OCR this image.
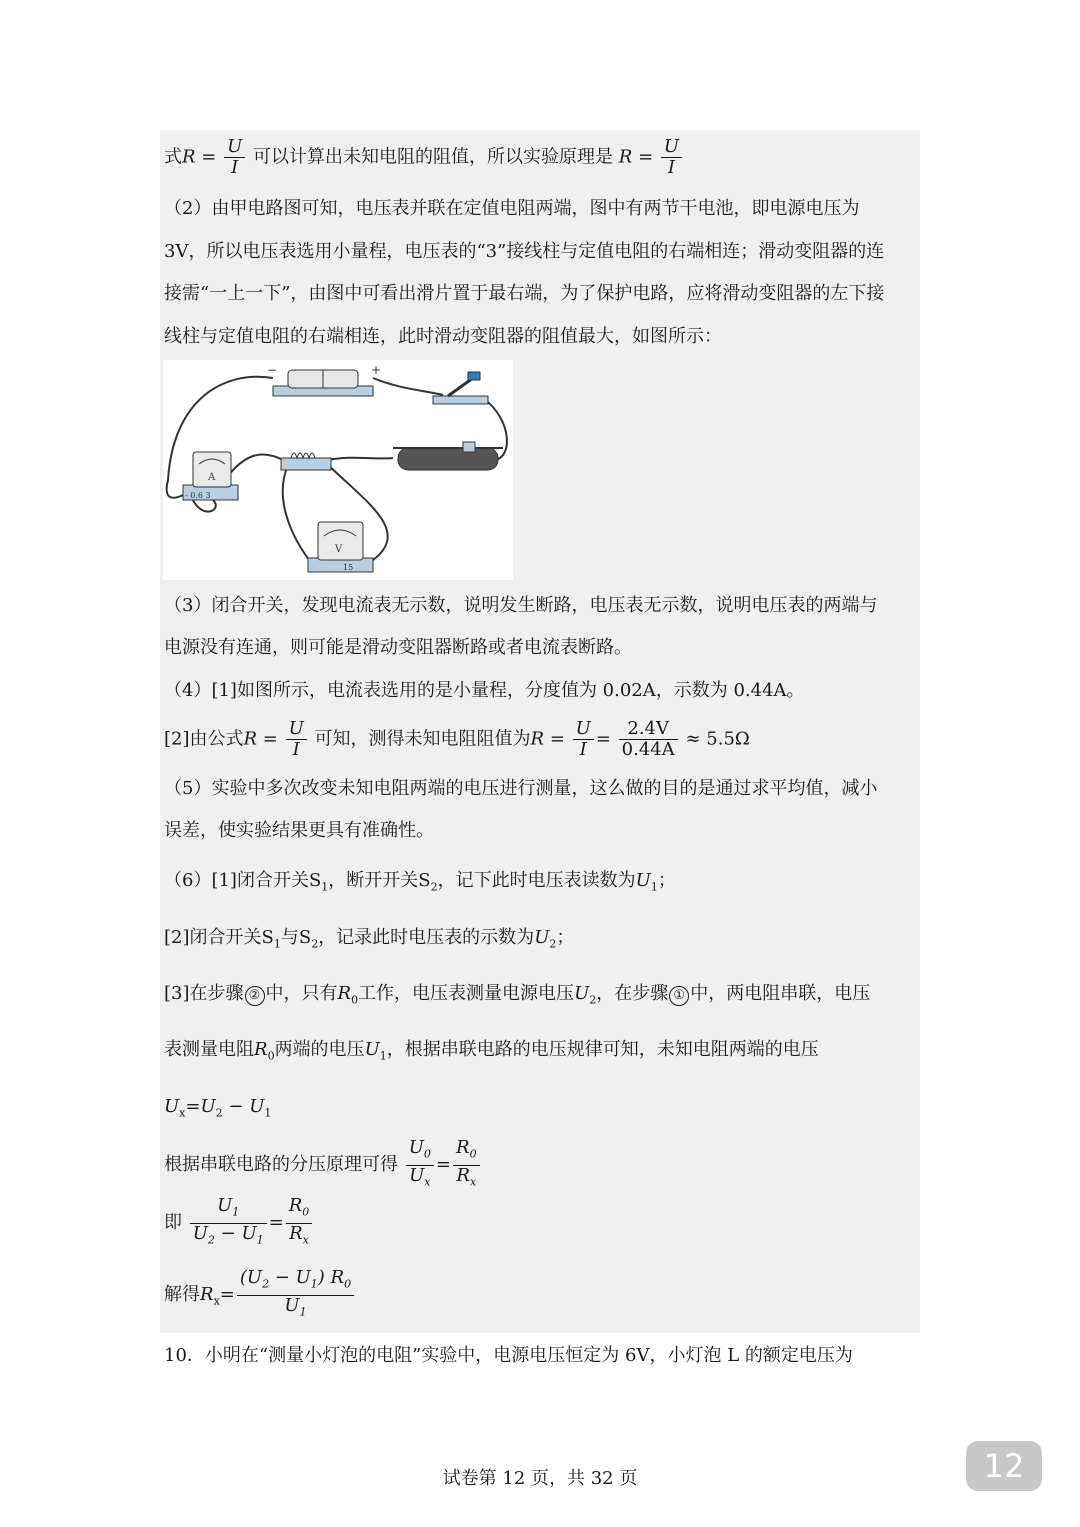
式$R = \frac{U}{I}$ 可以计算出未知电阻的阻值，所以实验原理是 $R = \frac{U}{I}$
（2）由甲电路图可知，电压表并联在定值电阻两端，图中有两节干电池，即电源电压为
3V，所以电压表选用小量程，电压表的“3”接线柱与定值电阻的右端相连；滑动变阻器的连
接需“一上一下”，由图中可看出滑片置于最右端，为了保护电路，应将滑动变阻器的左下接
线柱与定值电阻的右端相连，此时滑动变阻器的阻值最大，如图所示：
−	+
A
- 0.6 3
V
15
（3）闭合开关，发现电流表无示数，说明发生断路，电压表无示数，说明电压表的两端与
电源没有连通，则可能是滑动变阻器断路或者电流表断路。
（4）[1]如图所示，电流表选用的是小量程，分度值为 0.02A，示数为 0.44A。
[2]由公式$R = \frac{U}{I}$ 可知，测得未知电阻阻值为$R = \frac{U}{I} = \frac{2.4V}{0.44A} \approx 5.5\Omega$
（5）实验中多次改变未知电阻两端的电压进行测量，这么做的目的是通过求平均值，减小
误差，使实验结果更具有准确性。
（6）[1]闭合开关$S_1$，断开开关$S_2$，记下此时电压表读数为$U_1$；
[2]闭合开关$S_1$与$S_2$，记录此时电压表的示数为$U_2$；
[3]在步骤 ② 中，只有$R_0$工作，电压表测量电源电压$U_2$，在步骤 ① 中，两电阻串联，电压
表测量电阻$R_0$两端的电压$U_1$，根据串联电路的电压规律可知，未知电阻两端的电压
$U_x=U_2 - U_1$
根据串联电路的分压原理可得 $\frac{U_0}{U_x} = \frac{R_0}{R_x}$
即 $\frac{U_1}{U_2 - U_1} = \frac{R_0}{R_x}$
解得$R_x= \frac{(U_2 - U_1) R_0}{U_1}$
10．小明在“测量小灯泡的电阻”实验中，电源电压恒定为 6V，小灯泡 L 的额定电压为
试卷第 12 页，共 32 页	12
